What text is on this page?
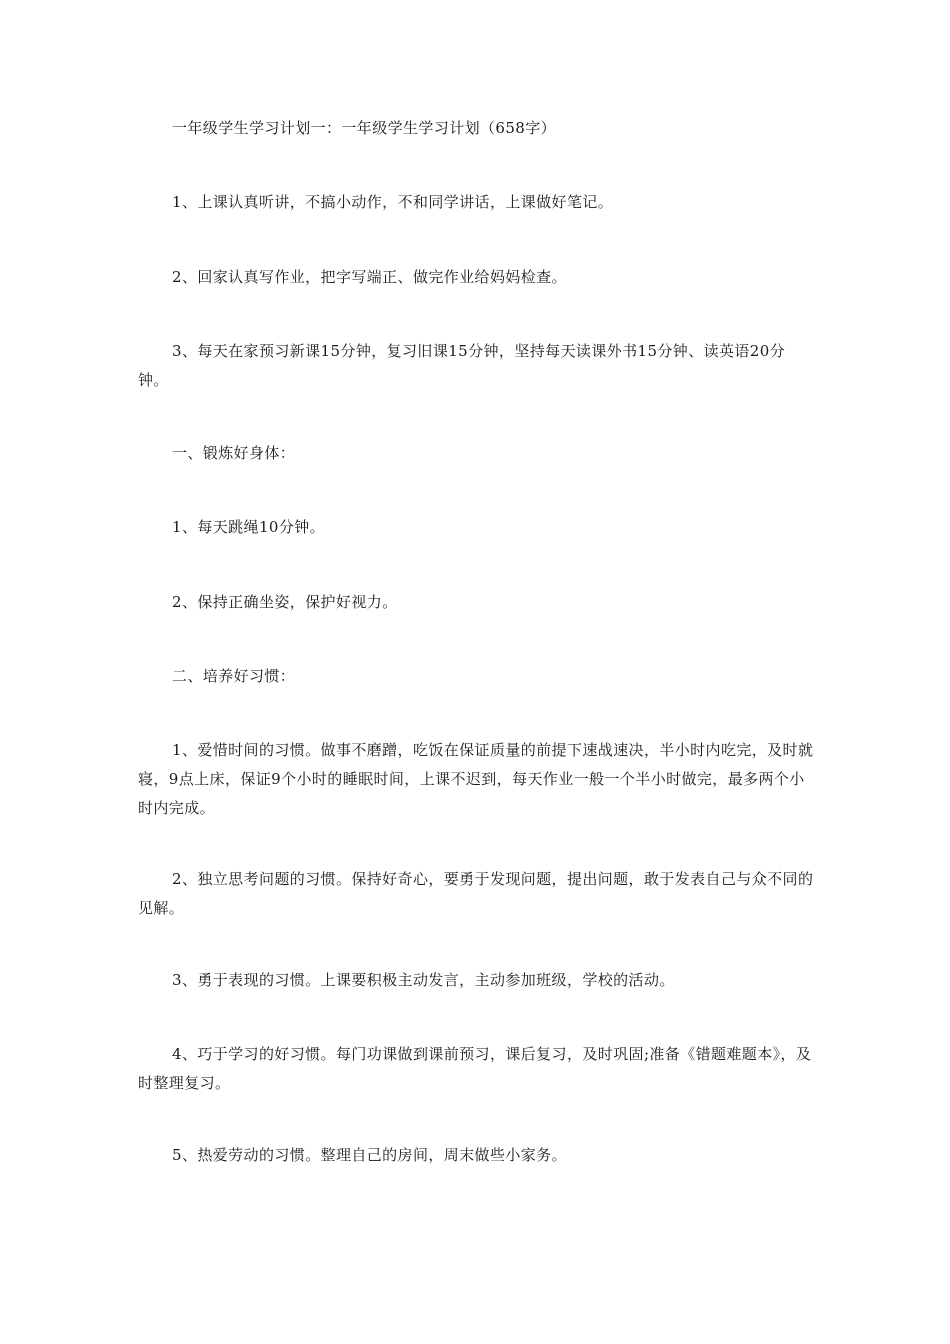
一年级学生学习计划一：一年级学生学习计划（658字）

1、上课认真听讲，不搞小动作，不和同学讲话，上课做好笔记。

2、回家认真写作业，把字写端正、做完作业给妈妈检查。

3、每天在家预习新课15分钟，复习旧课15分钟，坚持每天读课外书15分钟、读英语20分钟。

一、锻炼好身体：

1、每天跳绳10分钟。

2、保持正确坐姿，保护好视力。

二、培养好习惯：

1、爱惜时间的习惯。做事不磨蹭，吃饭在保证质量的前提下速战速决，半小时内吃完，及时就寝，9点上床，保证9个小时的睡眠时间，上课不迟到，每天作业一般一个半小时做完，最多两个小时内完成。

2、独立思考问题的习惯。保持好奇心，要勇于发现问题，提出问题，敢于发表自己与众不同的见解。

3、勇于表现的习惯。上课要积极主动发言，主动参加班级，学校的活动。

4、巧于学习的好习惯。每门功课做到课前预习，课后复习，及时巩固;准备《错题难题本》，及时整理复习。

5、热爱劳动的习惯。整理自己的房间，周末做些小家务。
